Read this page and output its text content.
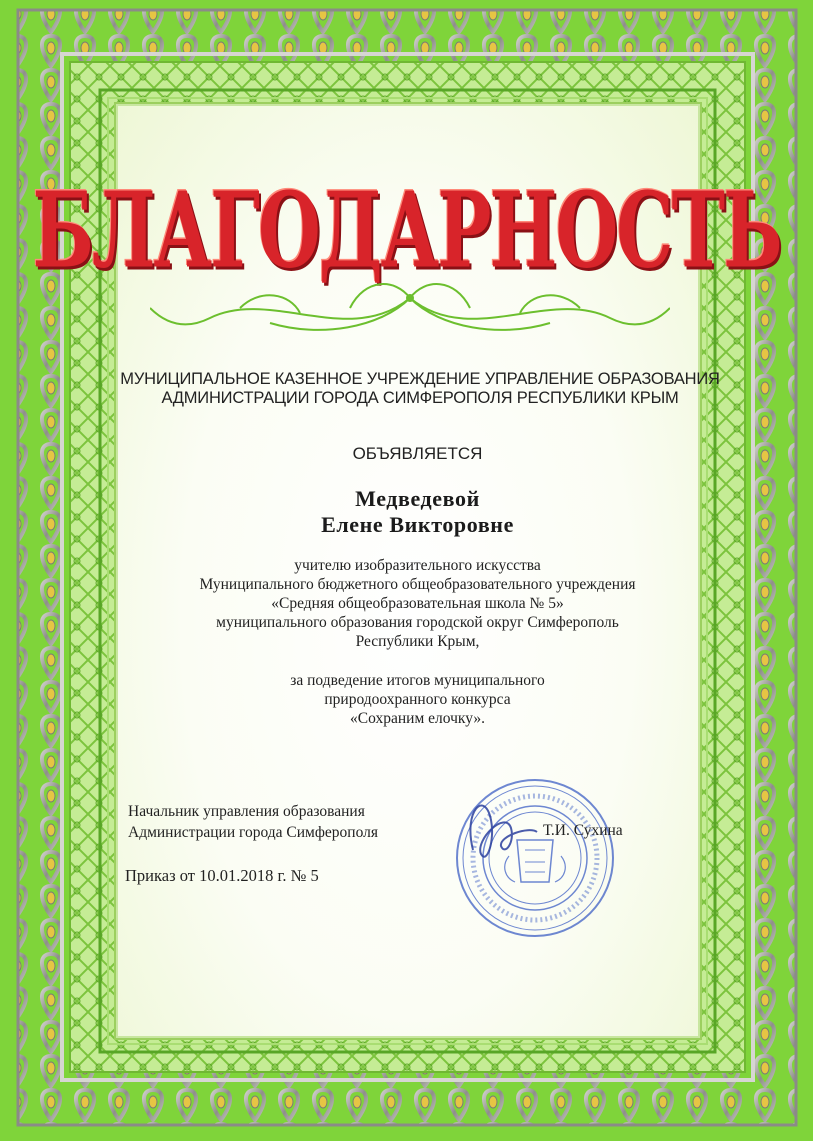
БЛАГОДАРНОСТЬ

МУНИЦИПАЛЬНОЕ КАЗЕННОЕ УЧРЕЖДЕНИЕ УПРАВЛЕНИЕ ОБРАЗОВАНИЯ
АДМИНИСТРАЦИИ ГОРОДА СИМФЕРОПОЛЯ РЕСПУБЛИКИ КРЫМ

ОБЪЯВЛЯЕТСЯ

Медведевой
Елене Викторовне

учителю изобразительного искусства
Муниципального бюджетного общеобразовательного учреждения
«Средняя общеобразовательная школа № 5»
муниципального образования городской округ Симферополь
Республики Крым,
за подведение итогов муниципального
природоохранного конкурса
«Сохраним елочку».

Начальник управления образования
Администрации города Симферополя	Т.И. Сухина
Приказ от 10.01.2018 г. № 5
